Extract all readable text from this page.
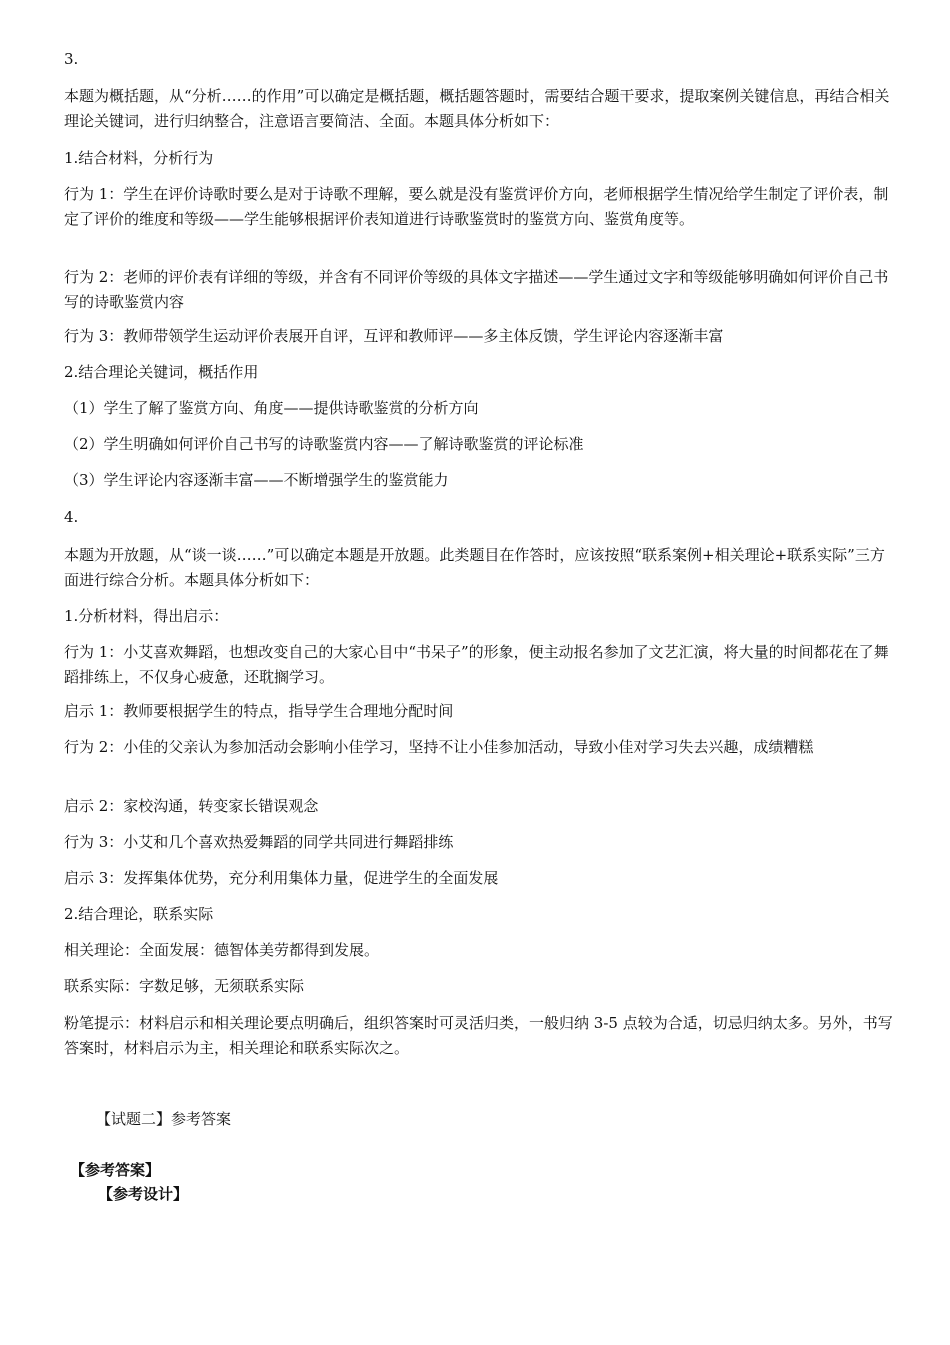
3.
本题为概括题，从“分析……的作用”可以确定是概括题，概括题答题时，需要结合题干要求，提取案例关键信息，再结合相关理论关键词，进行归纳整合，注意语言要简洁、全面。本题具体分析如下：
1.结合材料，分析行为
行为 1：学生在评价诗歌时要么是对于诗歌不理解，要么就是没有鉴赏评价方向，老师根据学生情况给学生制定了评价表，制定了评价的维度和等级——学生能够根据评价表知道进行诗歌鉴赏时的鉴赏方向、鉴赏角度等。
行为 2：老师的评价表有详细的等级，并含有不同评价等级的具体文字描述——学生通过文字和等级能够明确如何评价自己书写的诗歌鉴赏内容
行为 3：教师带领学生运动评价表展开自评，互评和教师评——多主体反馈，学生评论内容逐渐丰富
2.结合理论关键词，概括作用
（1）学生了解了鉴赏方向、角度——提供诗歌鉴赏的分析方向
（2）学生明确如何评价自己书写的诗歌鉴赏内容——了解诗歌鉴赏的评论标准
（3）学生评论内容逐渐丰富——不断增强学生的鉴赏能力
4.
本题为开放题，从“谈一谈……”可以确定本题是开放题。此类题目在作答时，应该按照“联系案例+相关理论+联系实际”三方面进行综合分析。本题具体分析如下：
1.分析材料，得出启示：
行为 1：小艾喜欢舞蹈，也想改变自己的大家心目中“书呆子”的形象，便主动报名参加了文艺汇演，将大量的时间都花在了舞蹈排练上，不仅身心疲惫，还耽搁学习。
启示 1：教师要根据学生的特点，指导学生合理地分配时间
行为 2：小佳的父亲认为参加活动会影响小佳学习，坚持不让小佳参加活动，导致小佳对学习失去兴趣，成绩糟糕
启示 2：家校沟通，转变家长错误观念
行为 3：小艾和几个喜欢热爱舞蹈的同学共同进行舞蹈排练
启示 3：发挥集体优势，充分利用集体力量，促进学生的全面发展
2.结合理论，联系实际
相关理论：全面发展：德智体美劳都得到发展。
联系实际：字数足够，无须联系实际
粉笔提示：材料启示和相关理论要点明确后，组织答案时可灵活归类，一般归纳 3-5 点较为合适，切忌归纳太多。另外，书写答案时，材料启示为主，相关理论和联系实际次之。
【试题二】参考答案
【参考答案】
【参考设计】
